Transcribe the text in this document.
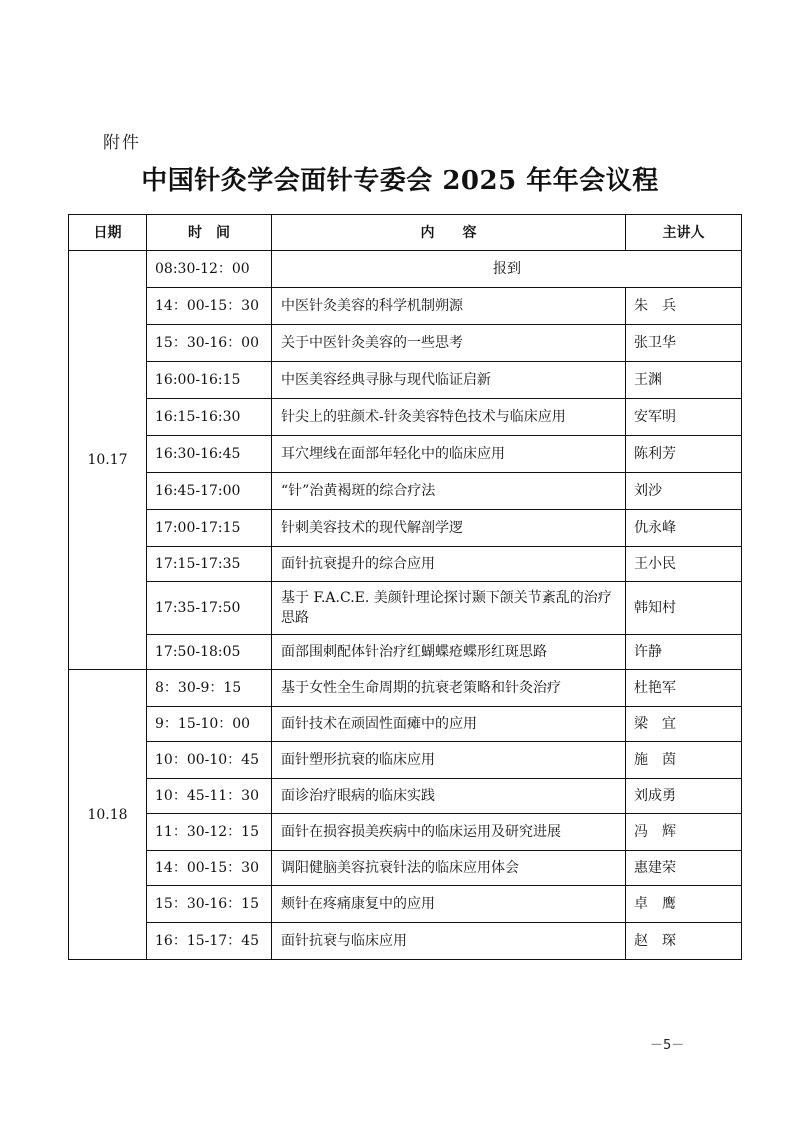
附件
中国针灸学会面针专委会 2025 年年会议程
日期	时　间	内　　容	主讲人
10.17	08:30-12：00	报到	
	14：00-15：30	中医针灸美容的科学机制朔源	朱　兵
	15：30-16：00	关于中医针灸美容的一些思考	张卫华
	16:00-16:15	中医美容经典寻脉与现代临证启新	王渊
	16:15-16:30	针尖上的驻颜术-针灸美容特色技术与临床应用	安军明
	16:30-16:45	耳穴埋线在面部年轻化中的临床应用	陈利芳
	16:45-17:00	“针”治黄褐斑的综合疗法	刘沙
	17:00-17:15	针刺美容技术的现代解剖学逻	仇永峰
	17:15-17:35	面针抗衰提升的综合应用	王小民
	17:35-17:50	基于 F.A.C.E. 美颜针理论探讨颞下颌关节紊乱的治疗思路	韩知村
	17:50-18:05	面部围刺配体针治疗红蝴蝶疮蝶形红斑思路	许静
10.18	8：30-9：15	基于女性全生命周期的抗衰老策略和针灸治疗	杜艳军
	9：15-10：00	面针技术在顽固性面瘫中的应用	梁　宜
	10：00-10：45	面针塑形抗衰的临床应用	施　茵
	10：45-11：30	面诊治疗眼病的临床实践	刘成勇
	11：30-12：15	面针在损容损美疾病中的临床运用及研究进展	冯　辉
	14：00-15：30	调阳健脑美容抗衰针法的临床应用体会	惠建荣
	15：30-16：15	颊针在疼痛康复中的应用	卓　鹰
	16：15-17：45	面针抗衰与临床应用	赵　琛
－5－
